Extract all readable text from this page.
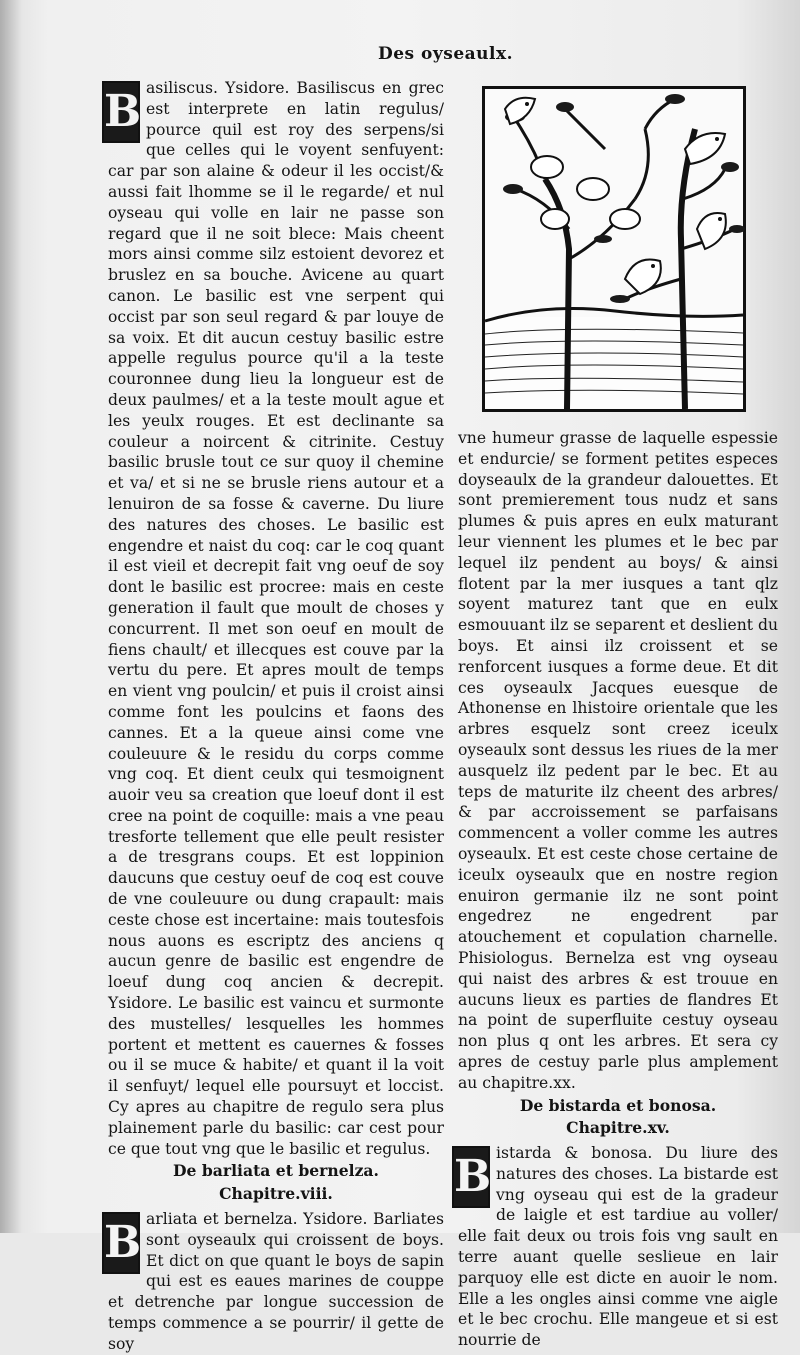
Des oyseaulx.

B asiliscus. Ysidore. Basiliscus en grec est interprete en latin regulus/ pource quil est roy des serpens/si que celles qui le voyent senfuyent: car par son alaine & odeur il les occist/& aussi fait lhomme se il le regarde/ et nul oyseau qui volle en lair ne passe son regard que il ne soit blece: Mais cheent mors ainsi comme silz estoient devorez et bruslez en sa bouche. Avicene au quart canon. Le basilic est vne serpent qui occist par son seul regard & par louye de sa voix. Et dit aucun cestuy basilic estre appelle regulus pource qu'il a la teste couronnee dung lieu la longueur est de deux paulmes/ et a la teste moult ague et les yeulx rouges. Et est declinante sa couleur a noircent & citrinite. Cestuy basilic brusle tout ce sur quoy il chemine et va/ et si ne se brusle riens autour et a lenuiron de sa fosse & caverne. Du liure des natures des choses. Le basilic est engendre et naist du coq: car le coq quant il est vieil et decrepit fait vng oeuf de soy dont le basilic est procree: mais en ceste generation il fault que moult de choses y concurrent. Il met son oeuf en moult de fiens chault/ et illecques est couve par la vertu du pere. Et apres moult de temps en vient vng poulcin/ et puis il croist ainsi comme font les poulcins et faons des cannes. Et a la queue ainsi come vne couleuure & le residu du corps comme vng coq. Et dient ceulx qui tesmoignent auoir veu sa creation que loeuf dont il est cree na point de coquille: mais a vne peau tresforte tellement que elle peult resister a de tresgrans coups. Et est loppinion daucuns que cestuy oeuf de coq est couve de vne couleuure ou dung crapault: mais ceste chose est incertaine: mais toutesfois nous auons es escriptz des anciens q aucun genre de basilic est engendre de loeuf dung coq ancien & decrepit. Ysidore. Le basilic est vaincu et surmonte des mustelles/ lesquelles les hommes portent et mettent es cauernes & fosses ou il se muce & habite/ et quant il la voit il senfuyt/ lequel elle poursuyt et loccist. Cy apres au chapitre de regulo sera plus plainement parle du basilic: car cest pour ce que tout vng que le basilic et regulus.

De barliata et bernelza.
Chapitre.viii.

B arliata et bernelza. Ysidore. Barliates sont oyseaulx qui croissent de boys. Et dict on que quant le boys de sapin qui est es eaues marines de couppe et detrenche par longue succession de temps commence a se pourrir/ il gette de soy

vne humeur grasse de laquelle espessie et endurcie/ se forment petites especes doyseaulx de la grandeur dalouettes. Et sont premierement tous nudz et sans plumes & puis apres en eulx maturant leur viennent les plumes et le bec par lequel ilz pendent au boys/ & ainsi flotent par la mer iusques a tant qlz soyent maturez tant que en eulx esmouuant ilz se separent et deslient du boys. Et ainsi ilz croissent et se renforcent iusques a forme deue. Et dit ces oyseaulx Jacques euesque de Athonense en lhistoire orientale que les arbres esquelz sont creez iceulx oyseaulx sont dessus les riues de la mer ausquelz ilz pedent par le bec. Et au teps de maturite ilz cheent des arbres/ & par accroissement se parfaisans commencent a voller comme les autres oyseaulx. Et est ceste chose certaine de iceulx oyseaulx que en nostre region enuiron germanie ilz ne sont point engedrez ne engedrent par atouchement et copulation charnelle. Phisiologus. Bernelza est vng oyseau qui naist des arbres & est trouue en aucuns lieux es parties de flandres Et na point de superfluite cestuy oyseau non plus q ont les arbres. Et sera cy apres de cestuy parle plus amplement au chapitre.xx.

De bistarda et bonosa.
Chapitre.xv.

B istarda & bonosa. Du liure des natures des choses. La bistarde est vng oyseau qui est de la gradeur de laigle et est tardiue au voller/ elle fait deux ou trois fois vng sault en terre auant quelle seslieue en lair parquoy elle est dicte en auoir le nom. Elle a les ongles ainsi comme vne aigle et le bec crochu. Elle mangeue et si est nourrie de
